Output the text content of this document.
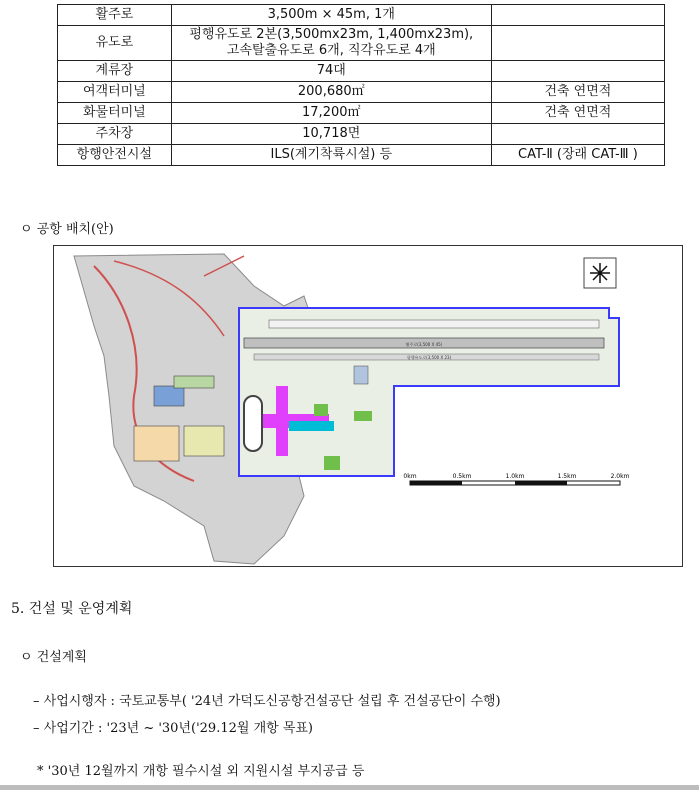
활주로	3,500m × 45m, 1개	
유도로	평행유도로 2본(3,500mx23m, 1,400mx23m),
고속탈출유도로 6개, 직각유도로 4개	

계류장	74대	
여객터미널	200,680㎡	건축 연면적
화물터미널	17,200㎡	건축 연면적
주차장	10,718면	
항행안전시설	ILS(계기착륙시설) 등	CAT-Ⅱ (장래 CAT-Ⅲ )
ㅇ 공항 배치(안)
활주로(3,500 X 45)
평행유도로(3,500 X 23)
0km	0.5km	1.0km	1.5km	2.0km
5. 건설 및 운영계획
ㅇ 건설계획
– 사업시행자 : 국토교통부( '24년 가덕도신공항건설공단 설립 후 건설공단이 수행)
– 사업기간 : '23년 ~ '30년('29.12월 개항 목표)
* '30년 12월까지 개항 필수시설 외 지원시설 부지공급 등
